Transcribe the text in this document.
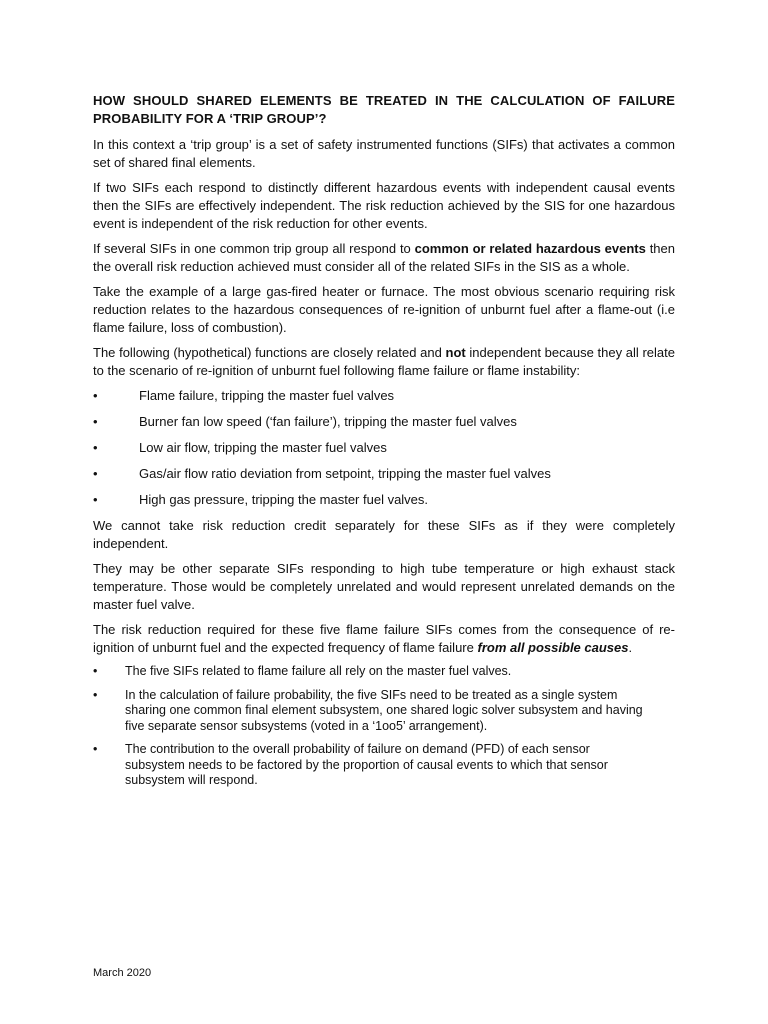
HOW SHOULD SHARED ELEMENTS BE TREATED IN THE CALCULATION OF FAILURE PROBABILITY FOR A ‘TRIP GROUP’?

In this context a ‘trip group’ is a set of safety instrumented functions (SIFs) that activates a common set of shared final elements.

If two SIFs each respond to distinctly different hazardous events with independent causal events then the SIFs are effectively independent. The risk reduction achieved by the SIS for one hazardous event is independent of the risk reduction for other events.

If several SIFs in one common trip group all respond to common or related hazardous events then the overall risk reduction achieved must consider all of the related SIFs in the SIS as a whole.

Take the example of a large gas-fired heater or furnace. The most obvious scenario requiring risk reduction relates to the hazardous consequences of re-ignition of unburnt fuel after a flame-out (i.e flame failure, loss of combustion).

The following (hypothetical) functions are closely related and not independent because they all relate to the scenario of re-ignition of unburnt fuel following flame failure or flame instability:

•	Flame failure, tripping the master fuel valves
•	Burner fan low speed (‘fan failure’), tripping the master fuel valves
•	Low air flow, tripping the master fuel valves
•	Gas/air flow ratio deviation from setpoint, tripping the master fuel valves
•	High gas pressure, tripping the master fuel valves.

We cannot take risk reduction credit separately for these SIFs as if they were completely independent.

They may be other separate SIFs responding to high tube temperature or high exhaust stack temperature. Those would be completely unrelated and would represent unrelated demands on the master fuel valve.

The risk reduction required for these five flame failure SIFs comes from the consequence of re-ignition of unburnt fuel and the expected frequency of flame failure from all possible causes.

•	The five SIFs related to flame failure all rely on the master fuel valves.
•	In the calculation of failure probability, the five SIFs need to be treated as a single system sharing one common final element subsystem, one shared logic solver subsystem and having five separate sensor subsystems (voted in a ‘1oo5’ arrangement).
•	The contribution to the overall probability of failure on demand (PFD) of each sensor subsystem needs to be factored by the proportion of causal events to which that sensor subsystem will respond.
March 2020
